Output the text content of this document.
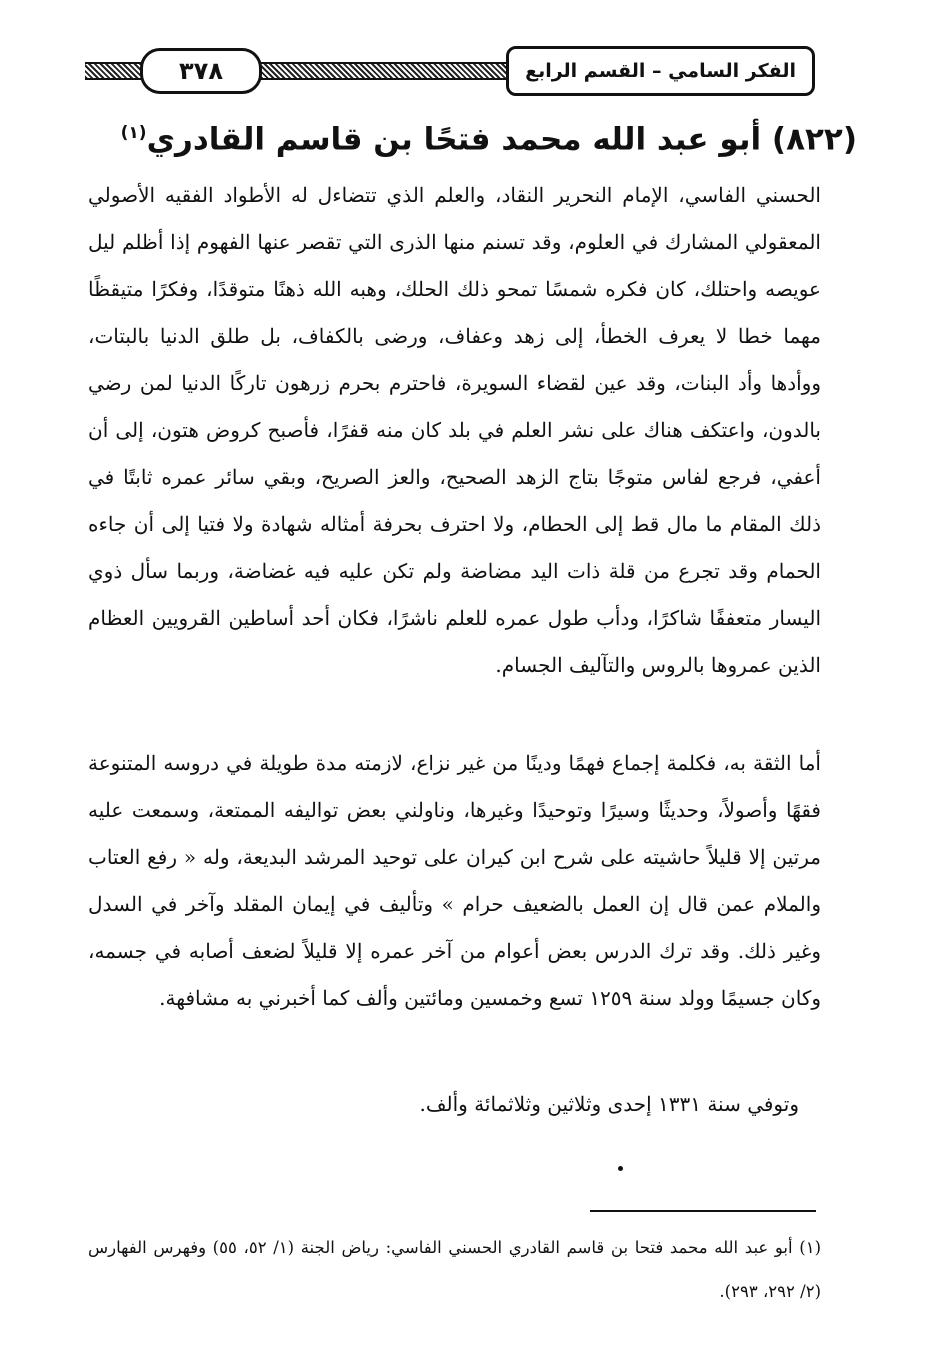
الفكر السامي – القسم الرابع
٣٧٨
(٨٢٢) أبو عبد الله محمد فتحًا بن قاسم القادري$^{(١)}$

الحسني الفاسي، الإمام النحرير النقاد، والعلم الذي تتضاءل له الأطواد الفقيه الأصولي المعقولي المشارك في العلوم، وقد تسنم منها الذرى التي تقصر عنها الفهوم إذا أظلم ليل عويصه واحتلك، كان فكره شمسًا تمحو ذلك الحلك، وهبه الله ذهنًا متوقدًا، وفكرًا متيقظًا مهما خطا لا يعرف الخطأ، إلى زهد وعفاف، ورضى بالكفاف، بل طلق الدنيا بالبتات، ووأدها وأد البنات، وقد عين لقضاء السويرة، فاحترم بحرم زرهون تاركًا الدنيا لمن رضي بالدون، واعتكف هناك على نشر العلم في بلد كان منه قفرًا، فأصبح كروض هتون، إلى أن أعفي، فرجع لفاس متوجًا بتاج الزهد الصحيح، والعز الصريح، وبقي سائر عمره ثابتًا في ذلك المقام ما مال قط إلى الحطام، ولا احترف بحرفة أمثاله شهادة ولا فتيا إلى أن جاءه الحمام وقد تجرع من قلة ذات اليد مضاضة ولم تكن عليه فيه غضاضة، وربما سأل ذوي اليسار متعففًا شاكرًا، ودأب طول عمره للعلم ناشرًا، فكان أحد أساطين القرويين العظام الذين عمروها بالروس والتآليف الجسام.

أما الثقة به، فكلمة إجماع فهمًا ودينًا من غير نزاع، لازمته مدة طويلة في دروسه المتنوعة فقهًا وأصولاً، وحديثًا وسيرًا وتوحيدًا وغيرها، وناولني بعض تواليفه الممتعة، وسمعت عليه مرتين إلا قليلاً حاشيته على شرح ابن كيران على توحيد المرشد البديعة، وله « رفع العتاب والملام عمن قال إن العمل بالضعيف حرام » وتأليف في إيمان المقلد وآخر في السدل وغير ذلك. وقد ترك الدرس بعض أعوام من آخر عمره إلا قليلاً لضعف أصابه في جسمه، وكان جسيمًا وولد سنة ١٢٥٩ تسع وخمسين ومائتين وألف كما أخبرني به مشافهة.

وتوفي سنة ١٣٣١ إحدى وثلاثين وثلاثمائة وألف.

(١) أبو عبد الله محمد فتحا بن قاسم القادري الحسني الفاسي: رياض الجنة (١/ ٥٢، ٥٥) وفهرس الفهارس (٢/ ٢٩٢، ٢٩٣).
